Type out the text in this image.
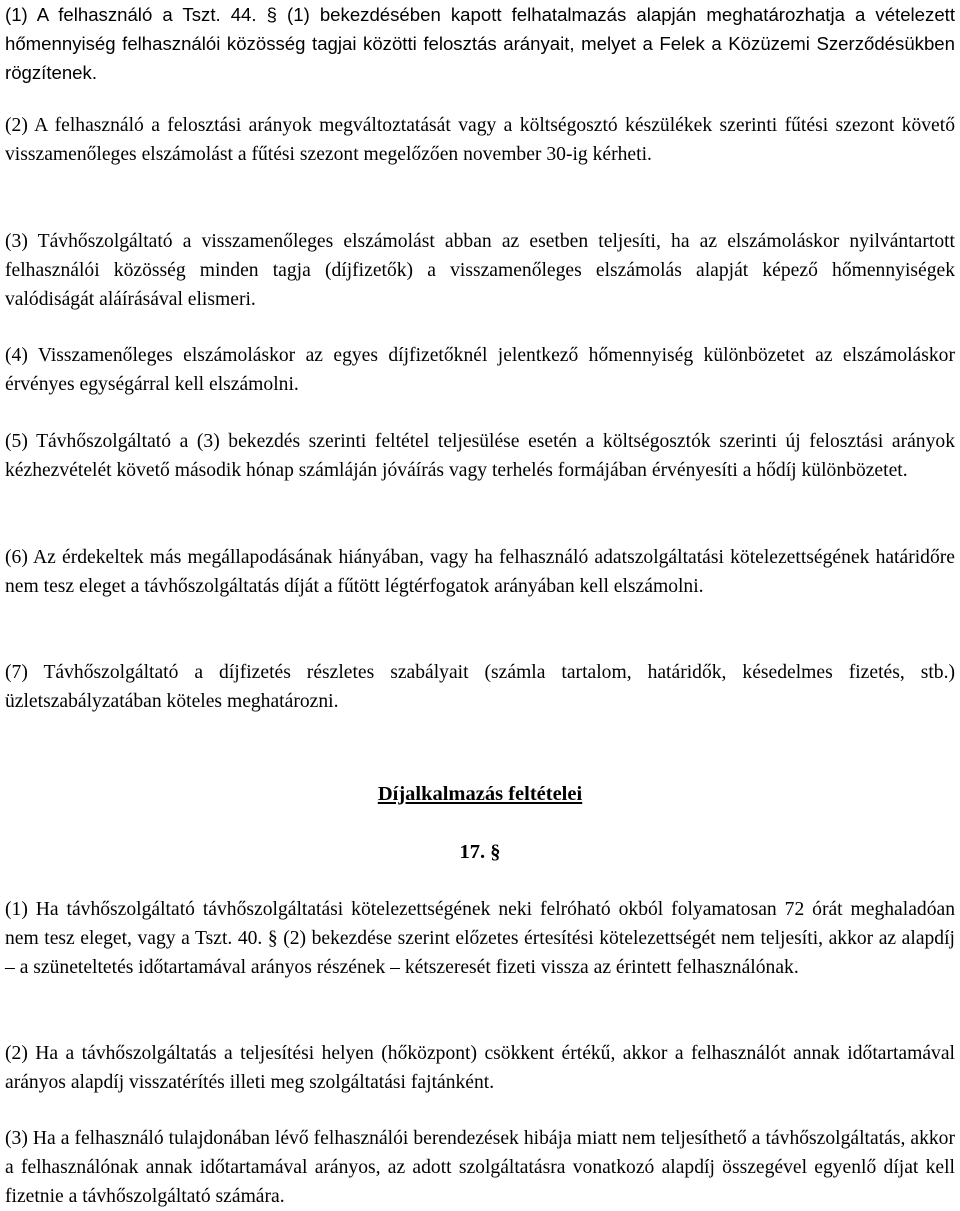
(1) A felhasználó a Tszt. 44. § (1) bekezdésében kapott felhatalmazás alapján meghatározhatja a vételezett hőmennyiség felhasználói közösség tagjai közötti felosztás arányait, melyet a Felek a Közüzemi Szerződésükben rögzítenek.

(2) A felhasználó a felosztási arányok megváltoztatását vagy a költségosztó készülékek szerinti fűtési szezont követő visszamenőleges elszámolást a fűtési szezont megelőzően november 30-ig kérheti.

(3) Távhőszolgáltató a visszamenőleges elszámolást abban az esetben teljesíti, ha az elszámoláskor nyilvántartott felhasználói közösség minden tagja (díjfizetők) a visszamenőleges elszámolás alapját képező hőmennyiségek valódiságát aláírásával elismeri.

(4) Visszamenőleges elszámoláskor az egyes díjfizetőknél jelentkező hőmennyiség különbözetet az elszámoláskor érvényes egységárral kell elszámolni.

(5) Távhőszolgáltató a (3) bekezdés szerinti feltétel teljesülése esetén a költségosztók szerinti új felosztási arányok kézhezvételét követő második hónap számláján jóváírás vagy terhelés formájában érvényesíti a hődíj különbözetet.

(6) Az érdekeltek más megállapodásának hiányában, vagy ha felhasználó adatszolgáltatási kötelezettségének határidőre nem tesz eleget a távhőszolgáltatás díját a fűtött légtérfogatok arányában kell elszámolni.

(7) Távhőszolgáltató a díjfizetés részletes szabályait (számla tartalom, határidők, késedelmes fizetés, stb.) üzletszabályzatában köteles meghatározni.

Díjalkalmazás feltételei
17. §

(1) Ha távhőszolgáltató távhőszolgáltatási kötelezettségének neki felróható okból folyamatosan 72 órát meghaladóan nem tesz eleget, vagy a Tszt. 40. § (2) bekezdése szerint előzetes értesítési kötelezettségét nem teljesíti, akkor az alapdíj – a szüneteltetés időtartamával arányos részének – kétszeresét fizeti vissza az érintett felhasználónak.

(2) Ha a távhőszolgáltatás a teljesítési helyen (hőközpont) csökkent értékű, akkor a felhasználót annak időtartamával arányos alapdíj visszatérítés illeti meg szolgáltatási fajtánként.

(3) Ha a felhasználó tulajdonában lévő felhasználói berendezések hibája miatt nem teljesíthető a távhőszolgáltatás, akkor a felhasználónak annak időtartamával arányos, az adott szolgáltatásra vonatkozó alapdíj összegével egyenlő díjat kell fizetnie a távhőszolgáltató számára.
